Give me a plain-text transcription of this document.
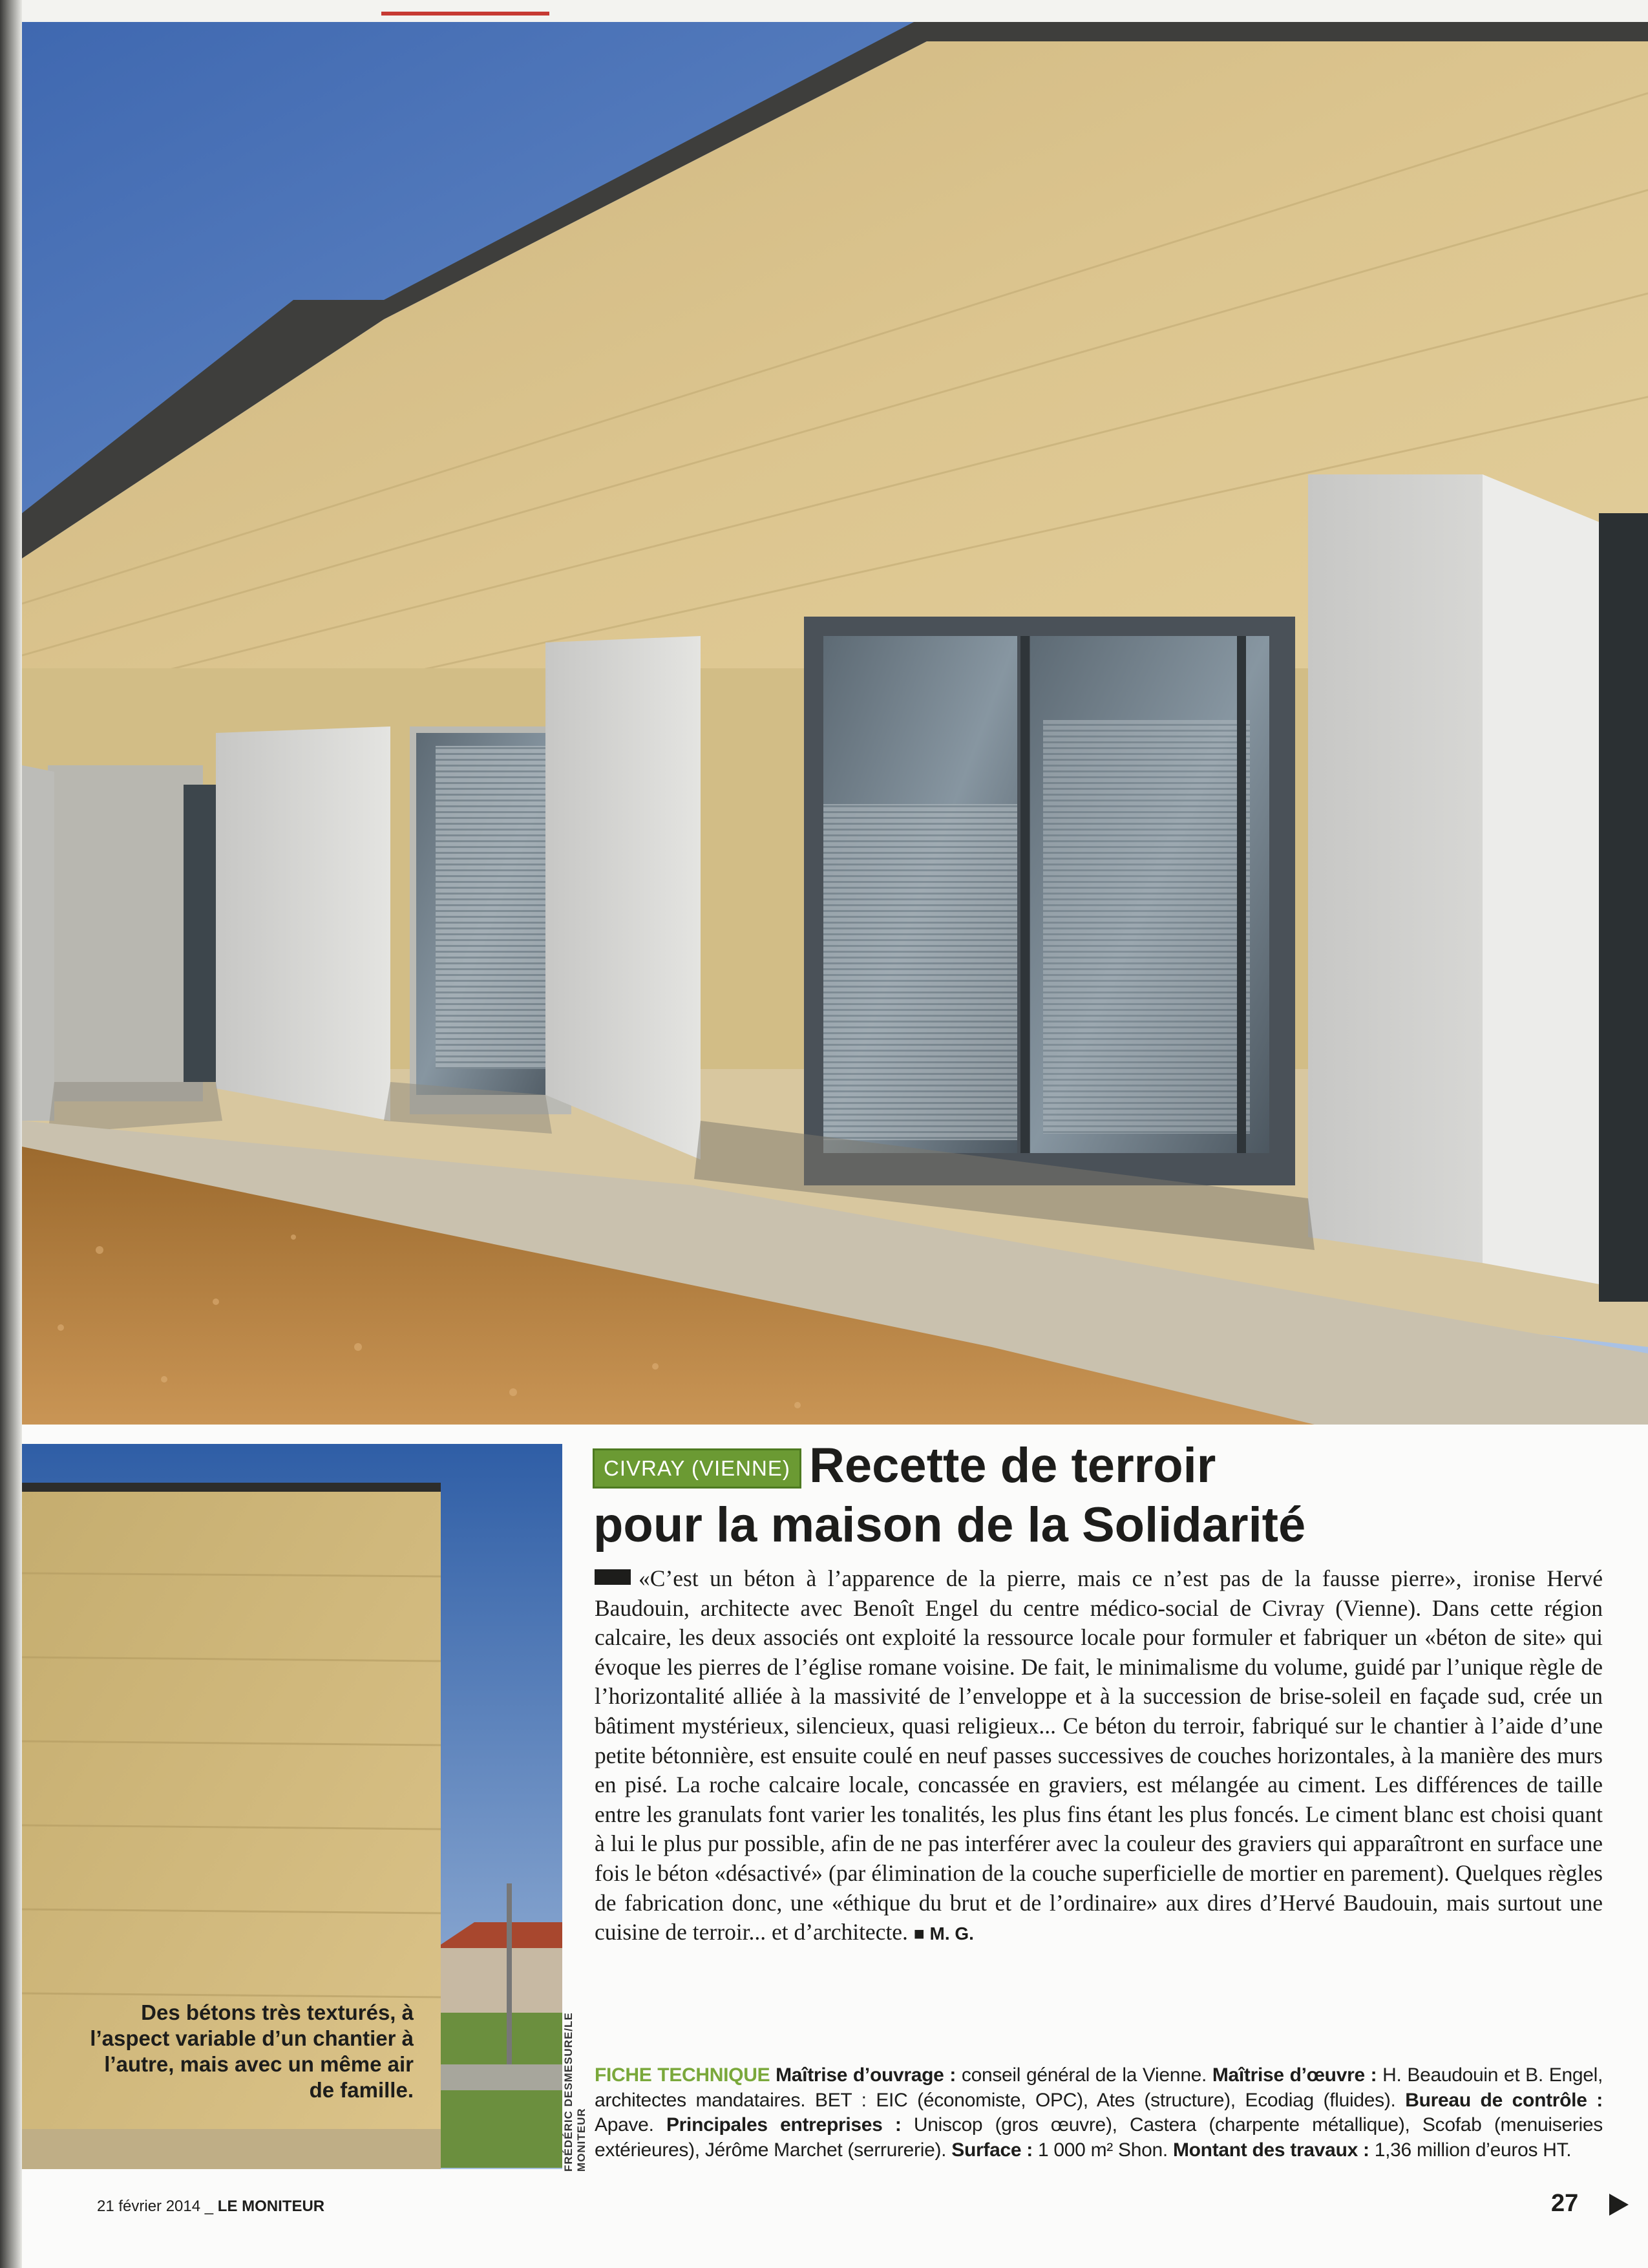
Des bétons très texturés, à l’aspect variable d’un chantier à l’autre, mais avec un même air de famille.	FRÉDÉRIC DESMESURE/LE MONITEUR
Recette de terroir
pour la maison de la Solidarité
CIVRAY (VIENNE)
«C’est un béton à l’apparence de la pierre, mais ce n’est pas de la fausse pierre», ironise Hervé Baudouin, architecte avec Benoît Engel du centre médico-social de Civray (Vienne). Dans cette région calcaire, les deux associés ont exploité la ressource locale pour formuler et fabriquer un «béton de site» qui évoque les pierres de l’église romane voisine. De fait, le minimalisme du volume, guidé par l’unique règle de l’horizontalité alliée à la massivité de l’enveloppe et à la succession de brise-soleil en façade sud, crée un bâtiment mystérieux, silencieux, quasi religieux... Ce béton du terroir, fabriqué sur le chantier à l’aide d’une petite bétonnière, est ensuite coulé en neuf passes successives de couches horizontales, à la manière des murs en pisé. La roche calcaire locale, concassée en graviers, est mélangée au ciment. Les différences de taille entre les granulats font varier les tonalités, les plus fins étant les plus foncés. Le ciment blanc est choisi quant à lui le plus pur possible, afin de ne pas interférer avec la couleur des graviers qui apparaîtront en surface une fois le béton «désactivé» (par élimination de la couche superficielle de mortier en parement). Quelques règles de fabrication donc, une «éthique du brut et de l’ordinaire» aux dires d’Hervé Baudouin, mais surtout une cuisine de terroir... et d’architecte. ■ M. G.
FICHE TECHNIQUE Maîtrise d’ouvrage : conseil général de la Vienne. Maîtrise d’œuvre : H. Beaudouin et B. Engel, architectes mandataires. BET : EIC (économiste, OPC), Ates (structure), Ecodiag (fluides). Bureau de contrôle : Apave. Principales entreprises : Uniscop (gros œuvre), Castera (charpente métallique), Scofab (menuiseries extérieures), Jérôme Marchet (serrurerie). Surface : 1 000 m² Shon. Montant des travaux : 1,36 million d’euros HT.
21 février 2014 _ LE MONITEUR	27
